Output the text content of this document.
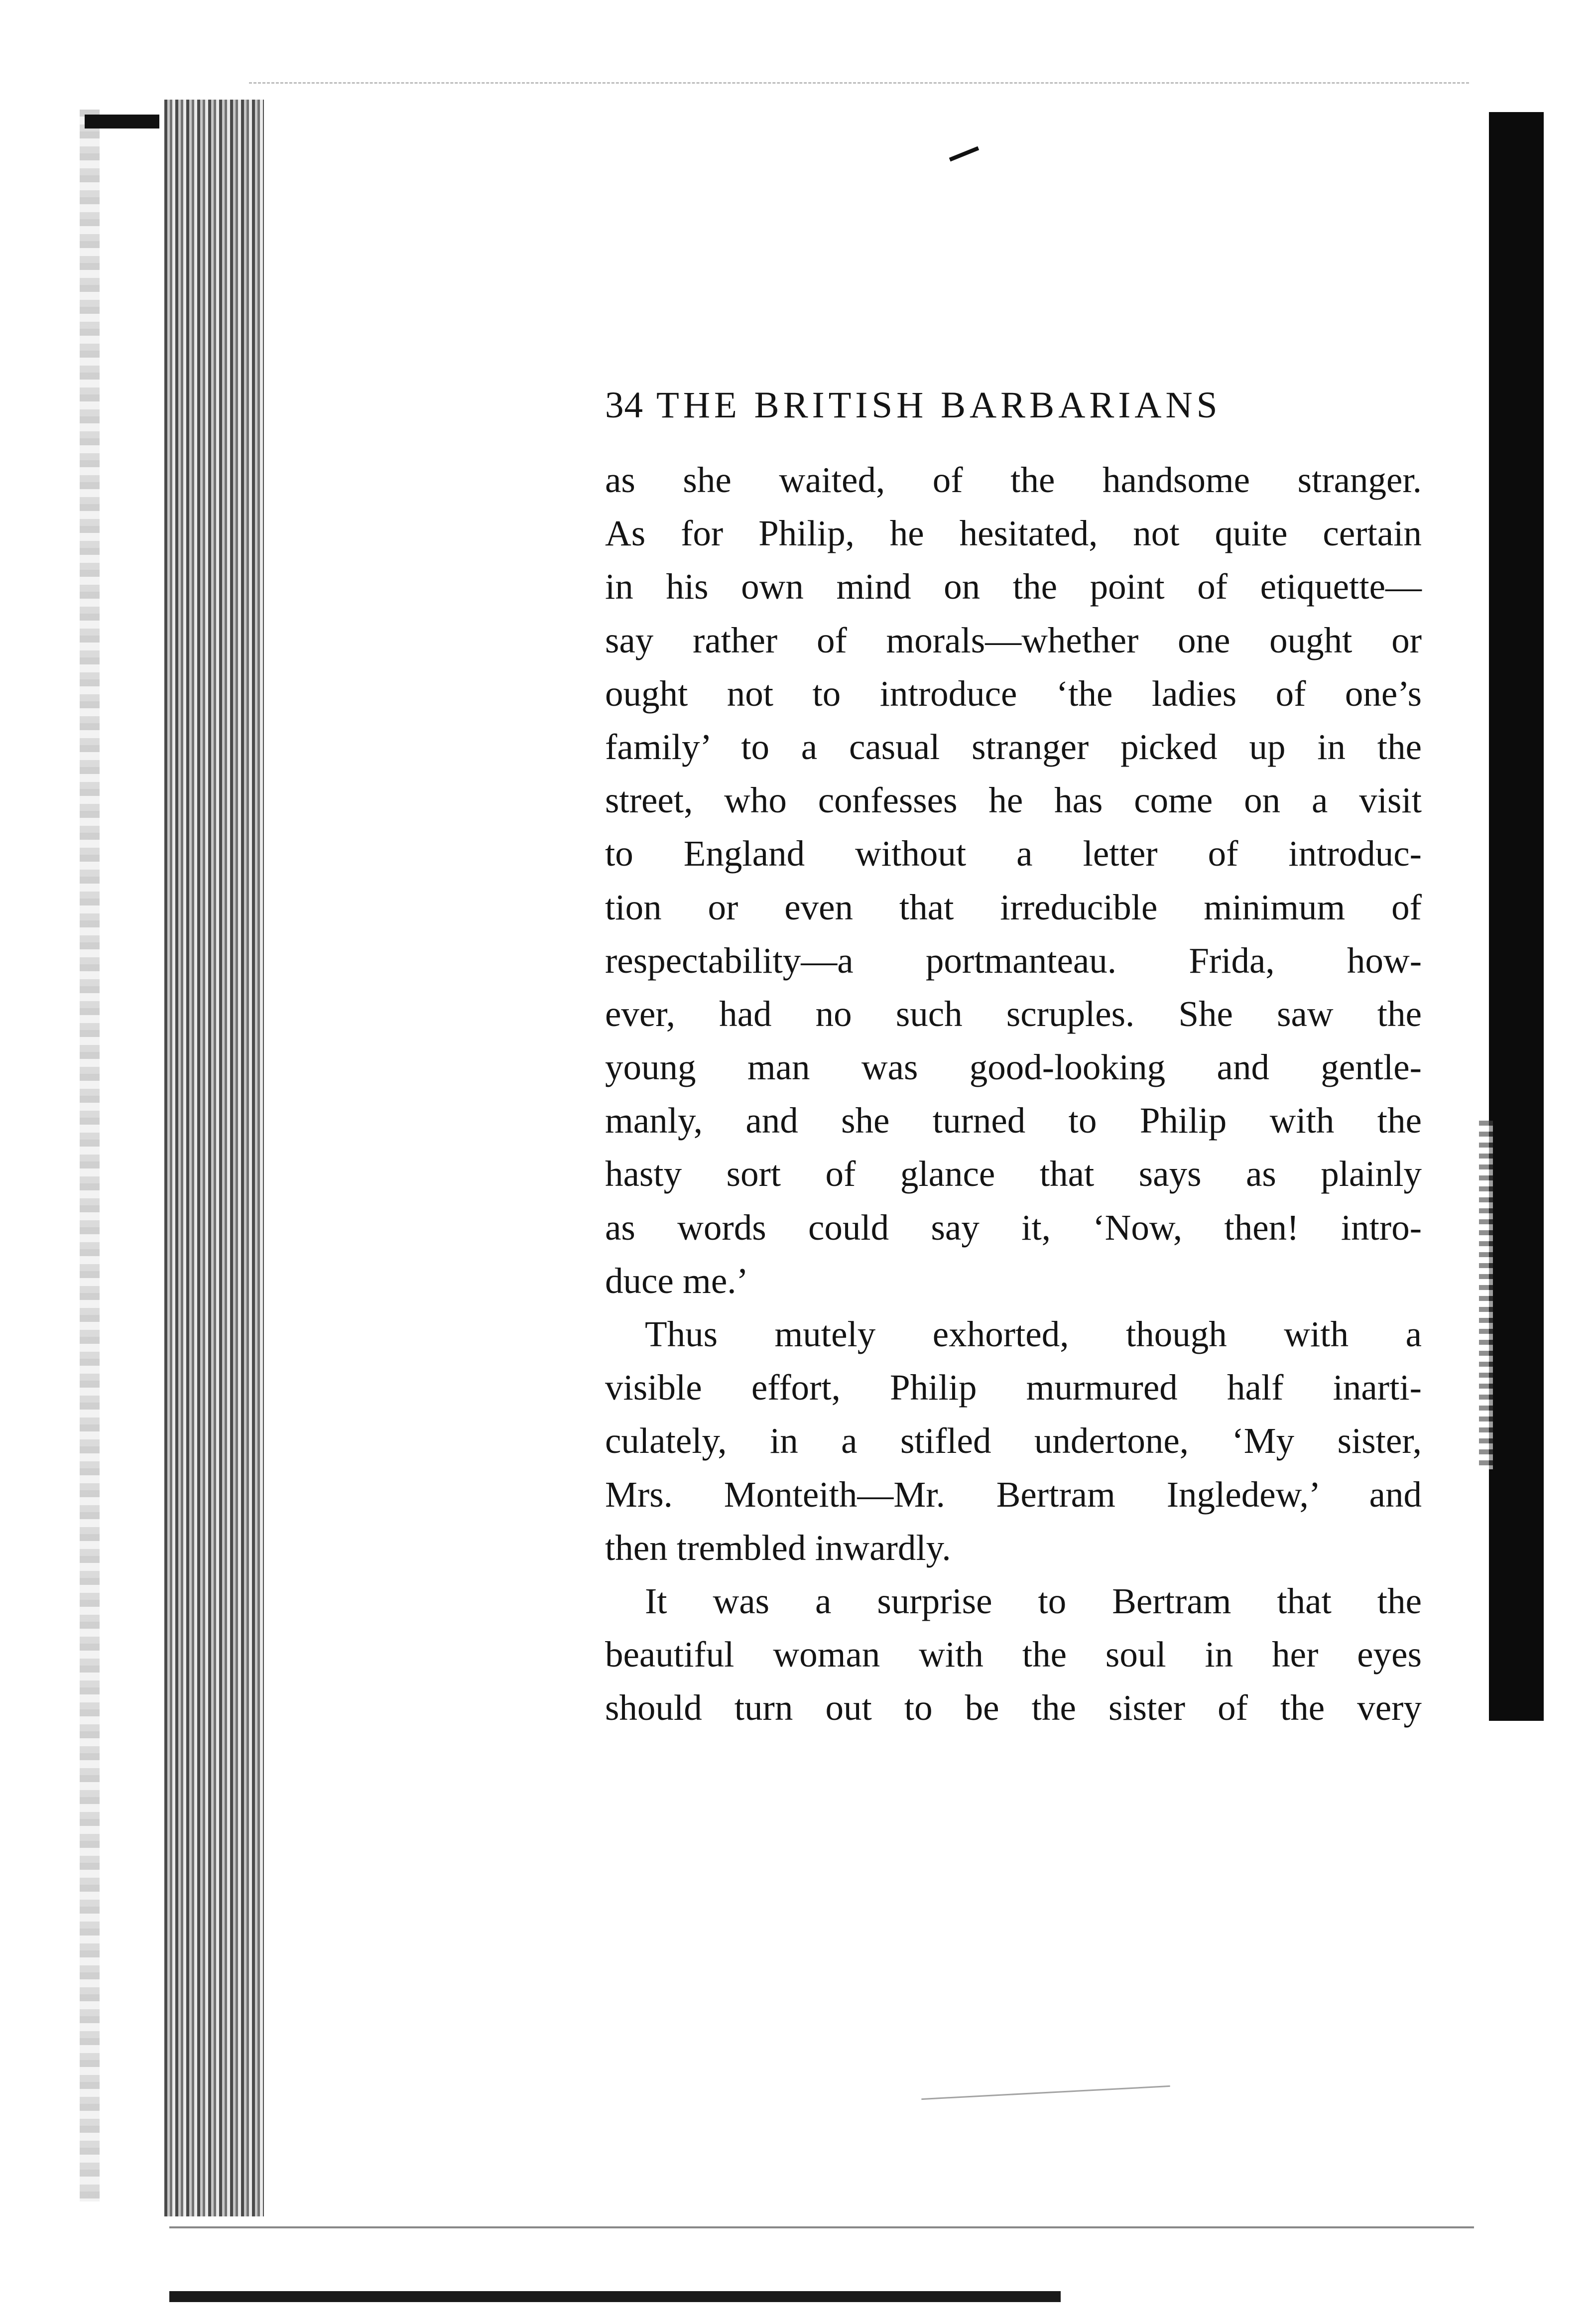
34 THE BRITISH BARBARIANS
as she waited, of the handsome stranger.
As for Philip, he hesitated, not quite certain
in his own mind on the point of etiquette—
say rather of morals—whether one ought or
ought not to introduce ‘the ladies of one’s
family’ to a casual stranger picked up in the
street, who confesses he has come on a visit
to England without a letter of introduc-
tion or even that irreducible minimum of
respectability—a portmanteau. Frida, how-
ever, had no such scruples. She saw the
young man was good-looking and gentle-
manly, and she turned to Philip with the
hasty sort of glance that says as plainly
as words could say it, ‘Now, then! intro-
duce me.’
Thus mutely exhorted, though with a
visible effort, Philip murmured half inarti-
culately, in a stifled undertone, ‘My sister,
Mrs. Monteith—Mr. Bertram Ingledew,’ and
then trembled inwardly.
It was a surprise to Bertram that the
beautiful woman with the soul in her eyes
should turn out to be the sister of the very
